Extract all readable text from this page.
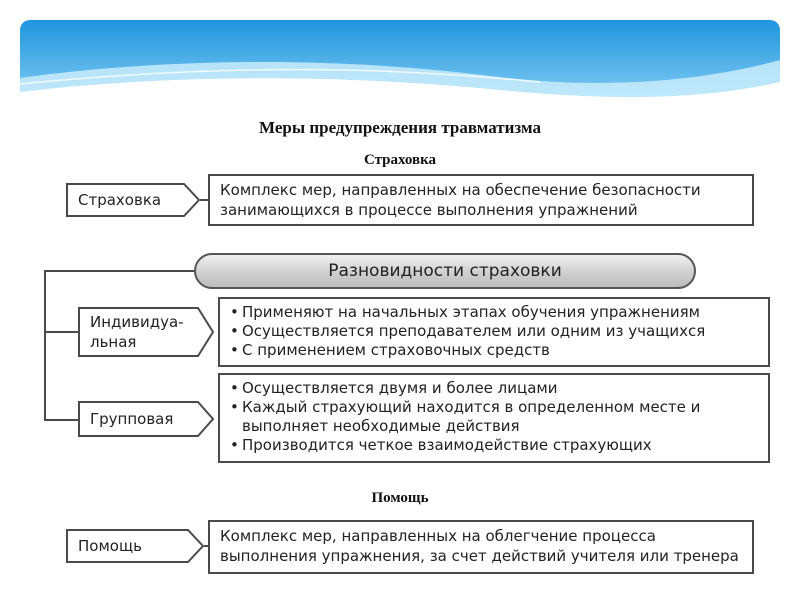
Меры предупреждения травматизма
Страховка
Страховка
Комплекс мер, направленных на обеспечение безопасности
занимающихся в процессе выполнения упражнений
Разновидности страховки
Индивидуа-
льная
• Применяют на начальных этапах обучения упражнениям
• Осуществляется преподавателем или одним из учащихся
• С применением страховочных средств
Групповая
• Осуществляется двумя и более лицами
• Каждый страхующий находится в определенном месте и выполняет необходимые действия
• Производится четкое взаимодействие страхующих
Помощь
Помощь
Комплекс мер, направленных на облегчение процесса
выполнения упражнения, за счет действий учителя или тренера
